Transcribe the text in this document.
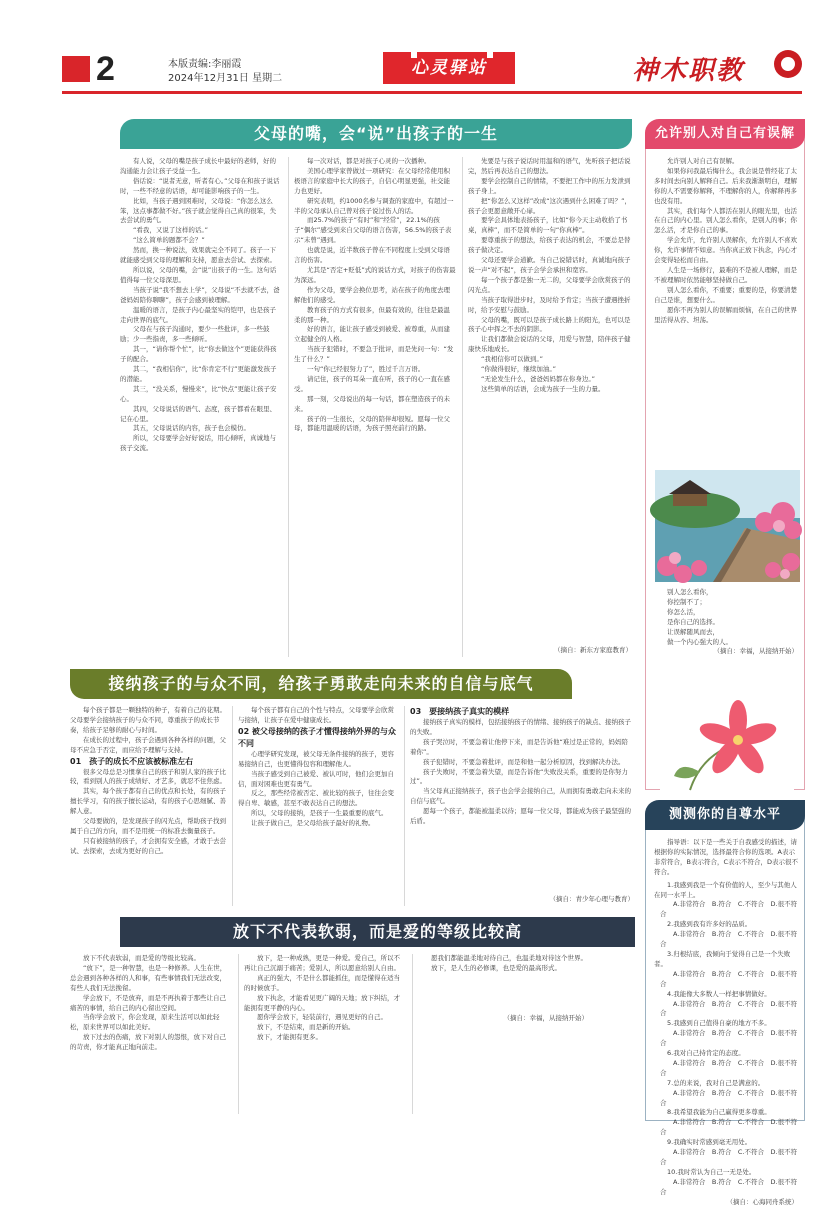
2	本版责编:李丽霞
2024年12月31日 星期二
心灵驿站	神木职教
父母的嘴，会“说”出孩子的一生

有人说，父母的嘴是孩子成长中最好的老师，好的沟通能力会让孩子受益一生。

俗话说：“说者无意，听者有心。”父母在和孩子说话时，一些不经意的话语，却可能影响孩子的一生。

比如，当孩子遇到困难时，父母说：“你怎么这么笨，这点事都做不好。”孩子就会觉得自己真的很笨，失去尝试的勇气。

“看我，又说了这样的话。”

“这么简单的题都不会？”

然而，换一种说法，效果就完全不同了。孩子一下就能感受到父母的理解和支持，愿意去尝试、去探索。

所以说，父母的嘴，会“说”出孩子的一生。这句话值得每一位父母深思。

当孩子说“我不想去上学”，父母说“不去就不去，爸爸妈妈陪你聊聊”，孩子会感到被理解。

温暖的语言，是孩子内心最坚实的铠甲，也是孩子走向世界的底气。

父母在与孩子沟通时，要少一些批评，多一些鼓励；少一些指责，多一些倾听。

其一，“请你帮个忙”，比“你去做这个”更能获得孩子的配合。

其二，“我相信你”，比“你肯定不行”更能激发孩子的潜能。

其三，“没关系，慢慢来”，比“快点”更能让孩子安心。

其四，父母说话的语气、态度，孩子都看在眼里、记在心里。

其五，父母说话的内容，孩子也会模仿。

所以，父母要学会好好说话，用心倾听，真诚地与孩子交流。

每一次对话，都是对孩子心灵的一次播种。

美国心理学家曾做过一项研究：在父母经常使用积极语言的家庭中长大的孩子，自信心明显更强，社交能力也更好。

研究表明，约1000名参与调查的家庭中，有超过一半的父母承认自己曾对孩子说过伤人的话。

而25.7%的孩子“有时”和“经常”，22.1%的孩子“偶尔”感受到来自父母的语言伤害，56.5%的孩子表示“未曾”遇到。

也就是说，近半数孩子曾在不同程度上受到父母语言的伤害。

尤其是“否定+贬低”式的说话方式，对孩子的伤害最为深远。

作为父母，要学会换位思考，站在孩子的角度去理解他们的感受。

教育孩子的方式有很多，但最有效的，往往是最温柔的那一种。

好的语言，能让孩子感受到被爱、被尊重，从而建立起健全的人格。

当孩子犯错时，不要急于批评，而是先问一句：“发生了什么？”

一句“你已经很努力了”，胜过千言万语。

请记住，孩子的耳朵一直在听，孩子的心一直在感受。

那一刻，父母说出的每一句话，都在塑造孩子的未来。

孩子的一生很长，父母的陪伴却很短。愿每一位父母，都能用温暖的话语，为孩子照亮前行的路。

先要是与孩子说话时用温和的语气，先听孩子把话说完，然后再表达自己的想法。

要学会控制自己的情绪，不要把工作中的压力发泄到孩子身上。

把“你怎么又这样”改成“这次遇到什么困难了吗？”，孩子会更愿意敞开心扉。

要学会具体地表扬孩子，比如“你今天主动收拾了书桌，真棒”，而不是简单的一句“你真棒”。

要尊重孩子的想法，给孩子表达的机会，不要总是替孩子做决定。

父母还要学会道歉。当自己说错话时，真诚地向孩子说一声“对不起”，孩子会学会承担和宽容。

每一个孩子都是独一无二的，父母要学会欣赏孩子的闪光点。

当孩子取得进步时，及时给予肯定；当孩子遭遇挫折时，给予安慰与鼓励。

父母的嘴，既可以是孩子成长路上的阳光，也可以是孩子心中挥之不去的阴影。

让我们都做会说话的父母，用爱与智慧，陪伴孩子健康快乐地成长。

“我相信你可以做到。”

“你做得很好，继续加油。”

“无论发生什么，爸爸妈妈都在你身边。”

这些简单的话语，会成为孩子一生的力量。

（摘自：新东方家庭教育）

允许别人对自己有误解

允许别人对自己有误解。

如果你问我最后悔什么，我会说是曾经花了太多时间去向别人解释自己。后来我渐渐明白，理解你的人不需要你解释，不理解你的人，你解释再多也没有用。

其实，我们每个人都活在别人的眼光里，也活在自己的内心里。别人怎么看你，是别人的事；你怎么活，才是你自己的事。

学会允许，允许别人误解你，允许别人不喜欢你，允许事情不如意。当你真正放下执念，内心才会变得轻松而自由。

人生是一场修行，最难的不是被人理解，而是不被理解时依然能够坚持做自己。

别人怎么看你，不重要；重要的是，你要清楚自己是谁，想要什么。

愿你不再为别人的误解而烦恼，在自己的世界里活得从容、坦荡。

别人怎么看你，

你控制不了；

你怎么活，

是你自己的选择。

让误解随风而去，

做一个内心强大的人。

（摘自：幸福，从接纳开始）

接纳孩子的与众不同，给孩子勇敢走向未来的自信与底气

每个孩子都是一颗独特的种子，有着自己的花期。父母要学会接纳孩子的与众不同，尊重孩子的成长节奏，给孩子足够的耐心与时间。

在成长的过程中，孩子会遇到各种各样的问题，父母不应急于否定，而应给予理解与支持。

01　孩子的成长不应该被标准左右

很多父母总是习惯拿自己的孩子和别人家的孩子比较，看到别人的孩子成绩好、才艺多，就忍不住焦虑。

其实，每个孩子都有自己的优点和长处，有的孩子擅长学习，有的孩子擅长运动，有的孩子心思细腻、善解人意。

父母要做的，是发现孩子的闪光点，帮助孩子找到属于自己的方向，而不是用统一的标准去衡量孩子。

只有被接纳的孩子，才会拥有安全感，才敢于去尝试、去探索，去成为更好的自己。

每个孩子都有自己的个性与特点，父母要学会欣赏与接纳，让孩子在爱中健康成长。

02 被父母接纳的孩子才懂得接纳外界的与众不同

心理学研究发现，被父母无条件接纳的孩子，更容易接纳自己，也更懂得包容和理解他人。

当孩子感受到自己被爱、被认可时，他们会更加自信，面对困难也更有勇气。

反之，那些经常被否定、被比较的孩子，往往会变得自卑、敏感，甚至不敢表达自己的想法。

所以，父母的接纳，是孩子一生最重要的底气。

让孩子做自己，是父母给孩子最好的礼物。

03　要接纳孩子真实的模样

接纳孩子真实的模样，包括接纳孩子的情绪、接纳孩子的缺点、接纳孩子的失败。

孩子哭泣时，不要急着让他停下来，而是告诉他“难过是正常的，妈妈陪着你”。

孩子犯错时，不要急着批评，而是和他一起分析原因，找到解决办法。

孩子失败时，不要急着失望，而是告诉他“失败没关系，重要的是你努力过”。

当父母真正接纳孩子，孩子也会学会接纳自己，从而拥有勇敢走向未来的自信与底气。

愿每一个孩子，都能被温柔以待；愿每一位父母，都能成为孩子最坚强的后盾。

（摘自：青少年心理与教育）

测测你的自尊水平

指导语：以下是一些关于自我感受的描述，请根据你的实际情况，选择最符合你的选项。A表示非常符合，B表示符合，C表示不符合，D表示很不符合。

1.我感到我是一个有价值的人，至少与其他人在同一水平上。

A.非常符合　B.符合　C.不符合　D.很不符合

2.我感到我有许多好的品质。

A.非常符合　B.符合　C.不符合　D.很不符合

3.归根结底，我倾向于觉得自己是一个失败者。

A.非常符合　B.符合　C.不符合　D.很不符合

4.我能像大多数人一样把事情做好。

A.非常符合　B.符合　C.不符合　D.很不符合

5.我感到自己值得自豪的地方不多。

A.非常符合　B.符合　C.不符合　D.很不符合

6.我对自己持肯定的态度。

A.非常符合　B.符合　C.不符合　D.很不符合

7.总的来说，我对自己是满意的。

A.非常符合　B.符合　C.不符合　D.很不符合

8.我希望我能为自己赢得更多尊重。

A.非常符合　B.符合　C.不符合　D.很不符合

9.我确实时常感到毫无用处。

A.非常符合　B.符合　C.不符合　D.很不符合

10.我时常认为自己一无是处。

A.非常符合　B.符合　C.不符合　D.很不符合

（摘自：心海同舟系统）

放下不代表软弱，而是爱的等级比较高

放下不代表软弱，而是爱的等级比较高。

“放下”，是一种智慧，也是一种修养。人生在世，总会遇到各种各样的人和事，有些事情我们无法改变，有些人我们无法挽留。

学会放下，不是放弃，而是不再执着于那些让自己痛苦的事情，给自己的内心留出空间。

当你学会放下，你会发现，原来生活可以如此轻松，原来世界可以如此美好。

放下过去的伤痛，放下对别人的怨恨，放下对自己的苛责，你才能真正地向前走。

放下，是一种成熟，更是一种爱。爱自己，所以不再让自己沉溺于痛苦；爱别人，所以愿意给别人自由。

真正的强大，不是什么都能抓住，而是懂得在适当的时候放手。

放下执念，才能看见更广阔的天地；放下纠结，才能拥有更平静的内心。

愿你学会放下，轻装前行，遇见更好的自己。

放下，不是结束，而是新的开始。

放下，才能拥有更多。

愿我们都能温柔地对待自己，也温柔地对待这个世界。

放下，是人生的必修课，也是爱的最高形式。

（摘自：幸福，从接纳开始）
